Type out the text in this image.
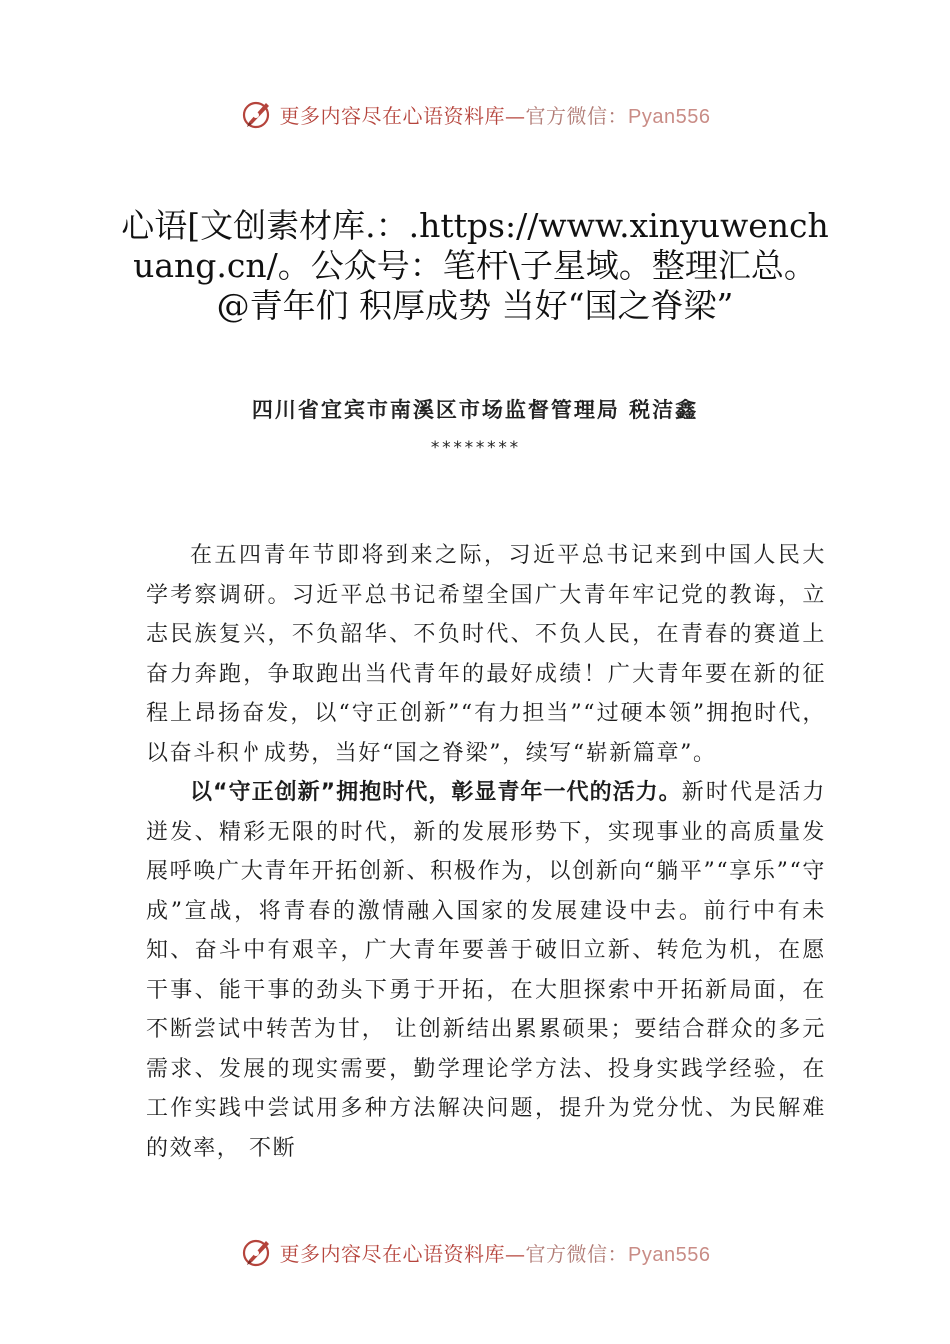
更多内容尽在心语资料库—官方微信：Pyan556
心语[文创素材库.：.https://www.xinyuwenchuang.cn/。公众号：笔杆\子星域。整理汇总。@青年们 积厚成势 当好“国之脊梁”
四川省宜宾市南溪区市场监督管理局 税洁鑫
********

在五四青年节即将到来之际，习近平总书记来到中国人民大学考察调研。习近平总书记希望全国广大青年牢记党的教诲，立志民族复兴，不负韶华、不负时代、不负人民，在青春的赛道上奋力奔跑，争取跑出当代青年的最好成绩！广大青年要在新的征程上昂扬奋发，以“守正创新”“有力担当”“过硬本领”拥抱时代，以奋斗积㣺成势，当好“国之脊梁”，续写“崭新篇章”。

以“守正创新”拥抱时代，彰显青年一代的活力。新时代是活力迸发、精彩无限的时代，新的发展形势下，实现事业的高质量发展呼唤广大青年开拓创新、积极作为，以创新向“躺平”“享乐”“守成”宣战，将青春的激情融入国家的发展建设中去。前行中有未知、奋斗中有艰辛，广大青年要善于破旧立新、转危为机，在愿干事、能干事的劲头下勇于开拓，在大胆探索中开拓新局面，在不断尝试中转苦为甘， 让创新结出累累硕果；要结合群众的多元需求、发展的现实需要，勤学理论学方法、投身实践学经验，在工作实践中尝试用多种方法解决问题，提升为党分忧、为民解难的效率， 不断

更多内容尽在心语资料库—官方微信：Pyan556
